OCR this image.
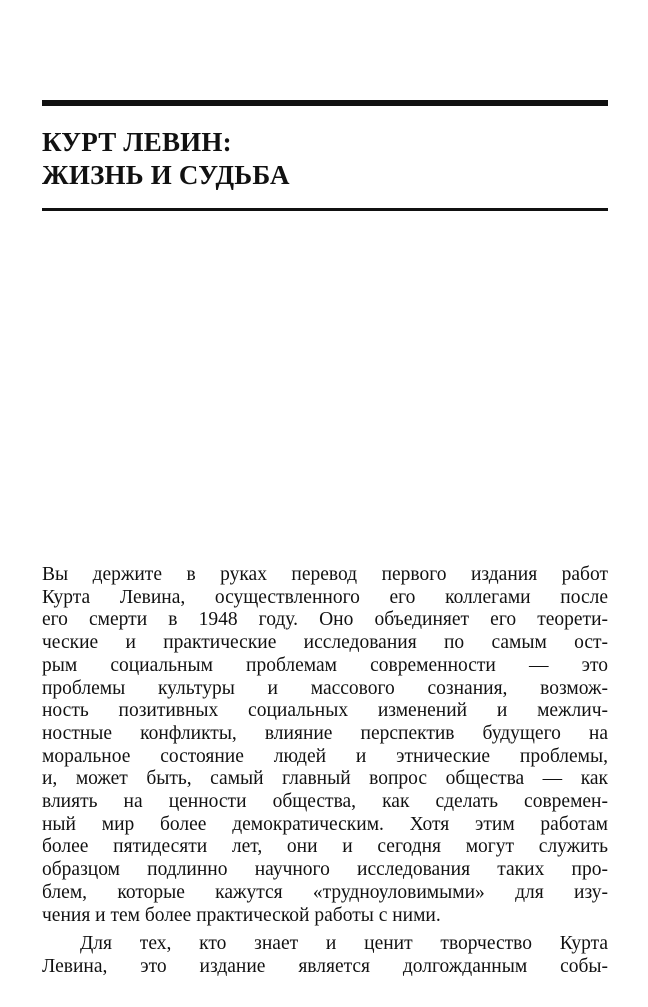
КУРТ ЛЕВИН:
ЖИЗНЬ И СУДЬБА
Вы держите в руках перевод первого издания работ
Курта Левина, осуществленного его коллегами после
его смерти в 1948 году. Оно объединяет его теорети-
ческие и практические исследования по самым ост-
рым социальным проблемам современности — это
проблемы культуры и массового сознания, возмож-
ность позитивных социальных изменений и межлич-
ностные конфликты, влияние перспектив будущего на
моральное состояние людей и этнические проблемы,
и, может быть, самый главный вопрос общества — как
влиять на ценности общества, как сделать современ-
ный мир более демократическим. Хотя этим работам
более пятидесяти лет, они и сегодня могут служить
образцом подлинно научного исследования таких про-
блем, которые кажутся «трудноуловимыми» для изу-
чения и тем более практической работы с ними.
Для тех, кто знает и ценит творчество Курта
Левина, это издание является долгожданным собы-
